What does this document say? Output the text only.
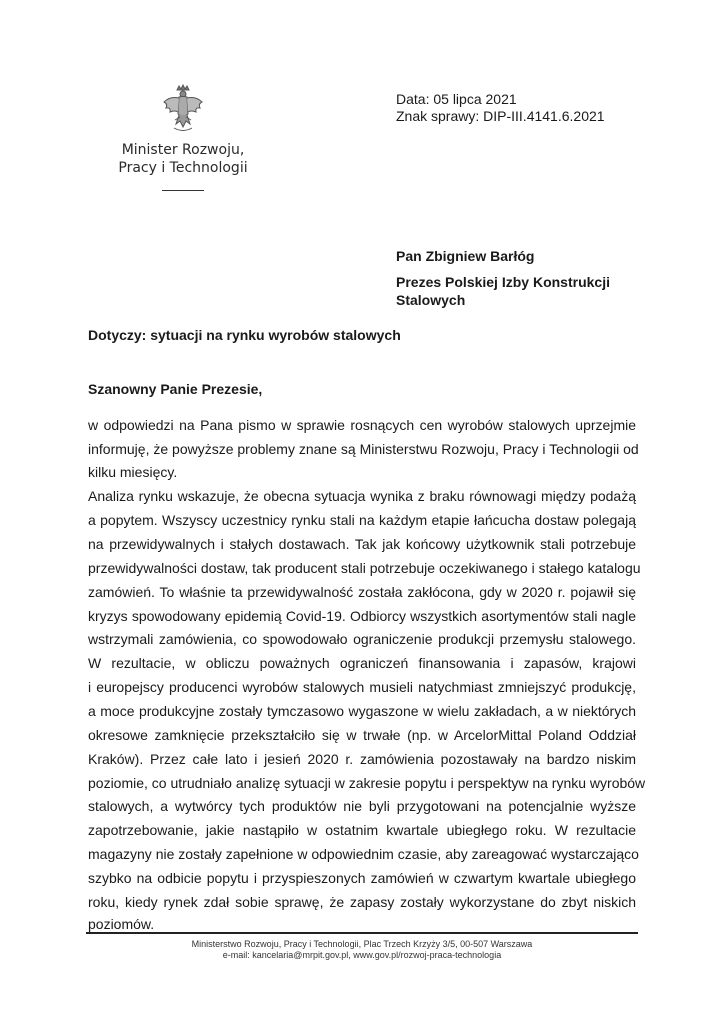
Minister Rozwoju,
Pracy i Technologii
Data: 05 lipca 2021
Znak sprawy: DIP-III.4141.6.2021
Pan Zbigniew Barłóg
Prezes Polskiej Izby Konstrukcji
Stalowych
Dotyczy: sytuacji na rynku wyrobów stalowych
Szanowny Panie Prezesie,
w odpowiedzi na Pana pismo w sprawie rosnących cen wyrobów stalowych uprzejmie
informuję, że powyższe problemy znane są Ministerstwu Rozwoju, Pracy i Technologii od
kilku miesięcy.
Analiza rynku wskazuje, że obecna sytuacja wynika z braku równowagi między podażą
a popytem. Wszyscy uczestnicy rynku stali na każdym etapie łańcucha dostaw polegają
na przewidywalnych i stałych dostawach. Tak jak końcowy użytkownik stali potrzebuje
przewidywalności dostaw, tak producent stali potrzebuje oczekiwanego i stałego katalogu
zamówień. To właśnie ta przewidywalność została zakłócona, gdy w 2020 r. pojawił się
kryzys spowodowany epidemią Covid-19. Odbiorcy wszystkich asortymentów stali nagle
wstrzymali zamówienia, co spowodowało ograniczenie produkcji przemysłu stalowego.
W rezultacie, w obliczu poważnych ograniczeń finansowania i zapasów, krajowi
i europejscy producenci wyrobów stalowych musieli natychmiast zmniejszyć produkcję,
a moce produkcyjne zostały tymczasowo wygaszone w wielu zakładach, a w niektórych
okresowe zamknięcie przekształciło się w trwałe (np. w ArcelorMittal Poland Oddział
Kraków). Przez całe lato i jesień 2020 r. zamówienia pozostawały na bardzo niskim
poziomie, co utrudniało analizę sytuacji w zakresie popytu i perspektyw na rynku wyrobów
stalowych, a wytwórcy tych produktów nie byli przygotowani na potencjalnie wyższe
zapotrzebowanie, jakie nastąpiło w ostatnim kwartale ubiegłego roku. W rezultacie
magazyny nie zostały zapełnione w odpowiednim czasie, aby zareagować wystarczająco
szybko na odbicie popytu i przyspieszonych zamówień w czwartym kwartale ubiegłego
roku, kiedy rynek zdał sobie sprawę, że zapasy zostały wykorzystane do zbyt niskich
poziomów.
Ministerstwo Rozwoju, Pracy i Technologii, Plac Trzech Krzyży 3/5, 00-507 Warszawa
e-mail: kancelaria@mrpit.gov.pl, www.gov.pl/rozwoj-praca-technologia
